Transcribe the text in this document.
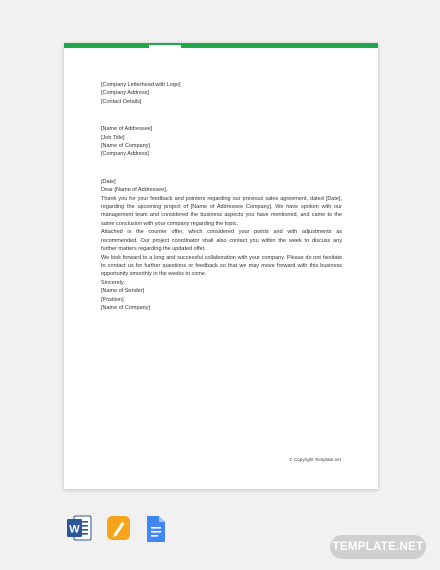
[Company Letterhead with Logo]

[Company Address]

[Contact Details]

[Name of Addressee]

[Job Title]

[Name of Company]

[Company Address]

[Date]

Dear [Name of Addressee],

Thank you for your feedback and pointers regarding our previous sales agreement, dated [Date], regarding the upcoming project of [Name of Addressee Company]. We have spoken with our management team and considered the business aspects you have mentioned, and came to the same conclusion with your company regarding the topic.

Attached is the counter offer, which considered your points and with adjustments as recommended. Our project coordinator shall also contact you within the week to discuss any further matters regarding the updated offer.

We look forward to a long and successful collaboration with your company. Please do not hesitate to contact us for further questions or feedback so that we may move forward with this business opportunity smoothly in the weeks to come.

Sincerely,

[Name of Sender]

[Position]

[Name of Company]

© Copyright Template.net
W
TEMPLATE.NET
